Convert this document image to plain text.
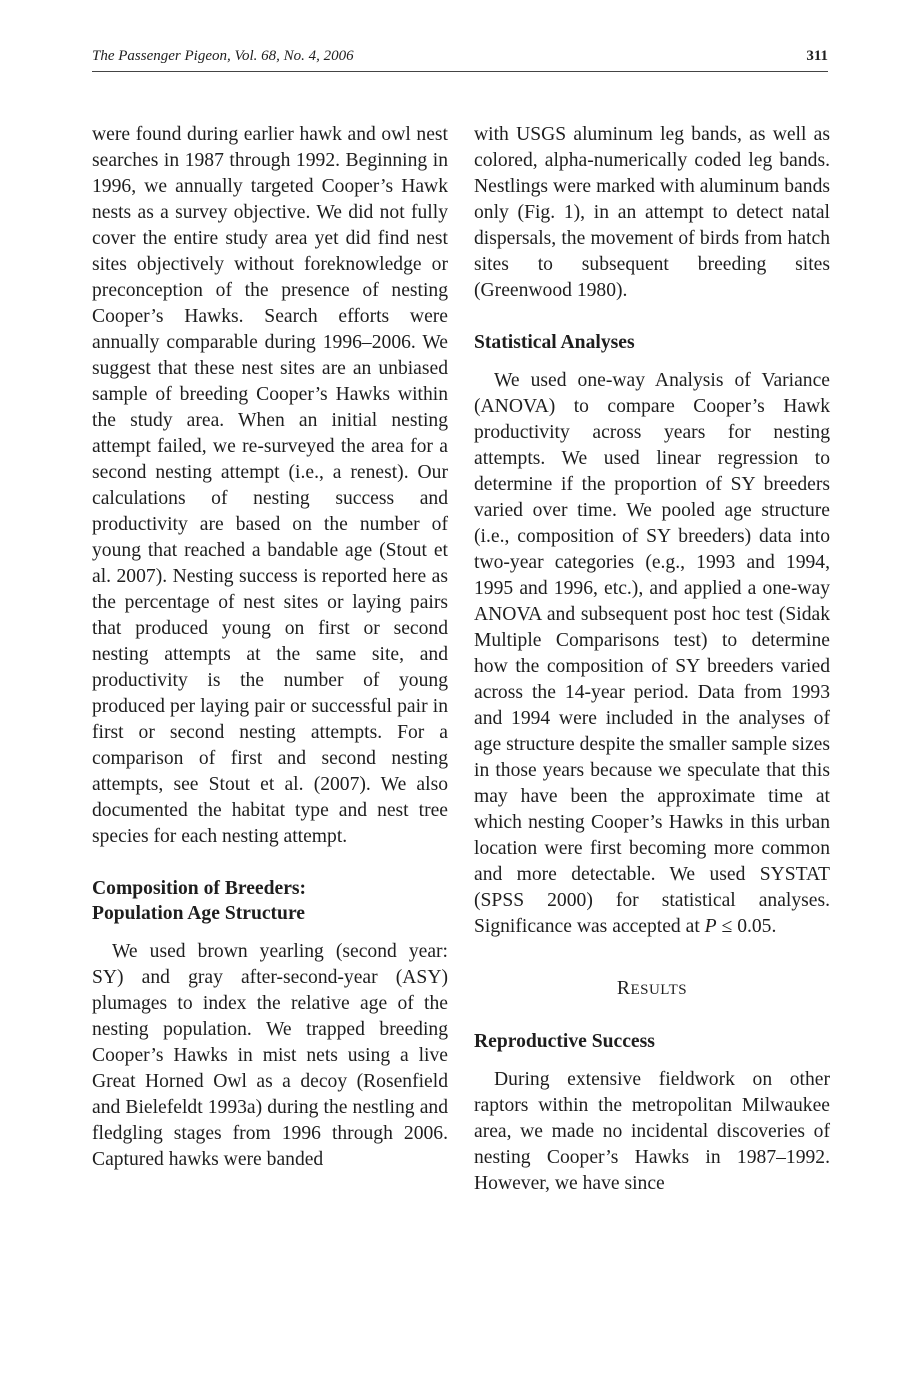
The Passenger Pigeon, Vol. 68, No. 4, 2006	311

were found during earlier hawk and owl nest searches in 1987 through 1992. Beginning in 1996, we annually targeted Cooper’s Hawk nests as a survey objective. We did not fully cover the entire study area yet did find nest sites objectively without foreknowledge or preconception of the presence of nesting Cooper’s Hawks. Search efforts were annually comparable during 1996–2006. We suggest that these nest sites are an unbiased sample of breeding Cooper’s Hawks within the study area. When an initial nesting attempt failed, we re-surveyed the area for a second nesting attempt (i.e., a renest). Our calculations of nesting success and productivity are based on the number of young that reached a bandable age (Stout et al. 2007). Nesting success is reported here as the percentage of nest sites or laying pairs that produced young on first or second nesting attempts at the same site, and productivity is the number of young produced per laying pair or successful pair in first or second nesting attempts. For a comparison of first and second nesting attempts, see Stout et al. (2007). We also documented the habitat type and nest tree species for each nesting attempt.

Composition of Breeders:

Population Age Structure

We used brown yearling (second year: SY) and gray after-second-year (ASY) plumages to index the relative age of the nesting population. We trapped breeding Cooper’s Hawks in mist nets using a live Great Horned Owl as a decoy (Rosenfield and Bielefeldt 1993a) during the nestling and fledgling stages from 1996 through 2006. Captured hawks were banded

with USGS aluminum leg bands, as well as colored, alpha-numerically coded leg bands. Nestlings were marked with aluminum bands only (Fig. 1), in an attempt to detect natal dispersals, the movement of birds from hatch sites to subsequent breeding sites (Greenwood 1980).

Statistical Analyses

We used one-way Analysis of Variance (ANOVA) to compare Cooper’s Hawk productivity across years for nesting attempts. We used linear regression to determine if the proportion of SY breeders varied over time. We pooled age structure (i.e., composition of SY breeders) data into two-year categories (e.g., 1993 and 1994, 1995 and 1996, etc.), and applied a one-way ANOVA and subsequent post hoc test (Sidak Multiple Comparisons test) to determine how the composition of SY breeders varied across the 14-year period. Data from 1993 and 1994 were included in the analyses of age structure despite the smaller sample sizes in those years because we speculate that this may have been the approximate time at which nesting Cooper’s Hawks in this urban location were first becoming more common and more detectable. We used SYSTAT (SPSS 2000) for statistical analyses. Significance was accepted at P ≤ 0.05.

RESULTS

Reproductive Success

During extensive fieldwork on other raptors within the metropolitan Milwaukee area, we made no incidental discoveries of nesting Cooper’s Hawks in 1987–1992. However, we have since
